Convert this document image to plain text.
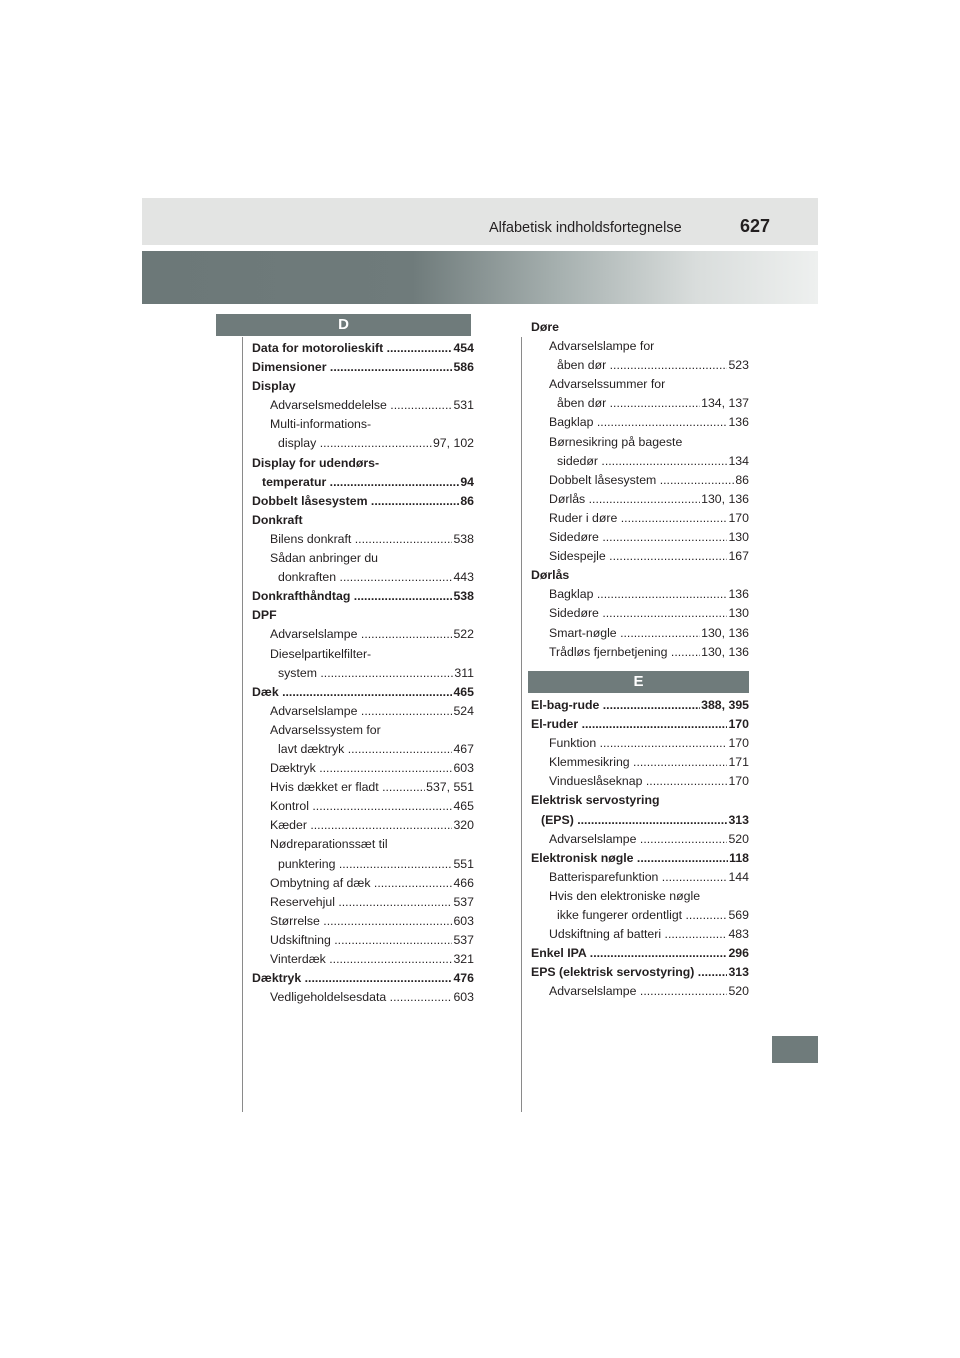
Alfabetisk indholdsfortegnelse	627
D
E
Data for motorolieskift .....	454
Dimensioner .....	586
Display
Advarselsmeddelelse .....	531
Multi-informations-
display .....	97, 102
Display for udendørs-
temperatur .....	94
Dobbelt låsesystem .....	86
Donkraft
Bilens donkraft .....	538
Sådan anbringer du
donkraften .....	443
Donkrafthåndtag .....	538
DPF
Advarselslampe .....	522
Dieselpartikelfilter-
system .....	311
Dæk .....	465
Advarselslampe .....	524
Advarselssystem for
lavt dæktryk .....	467
Dæktryk .....	603
Hvis dækket er fladt .....	537, 551
Kontrol .....	465
Kæder .....	320
Nødreparationssæt til
punktering .....	551
Ombytning af dæk .....	466
Reservehjul .....	537
Størrelse .....	603
Udskiftning .....	537
Vinterdæk .....	321
Dæktryk .....	476
Vedligeholdelsesdata .....	603
Døre
Advarselslampe for
åben dør .....	523
Advarselssummer for
åben dør .....	134, 137
Bagklap .....	136
Børnesikring på bageste
sidedør .....	134
Dobbelt låsesystem .....	86
Dørlås .....	130, 136
Ruder i døre .....	170
Sidedøre .....	130
Sidespejle .....	167
Dørlås
Bagklap .....	136
Sidedøre .....	130
Smart-nøgle .....	130, 136
Trådløs fjernbetjening .....	130, 136
El-bag-rude .....	388, 395
El-ruder .....	170
Funktion .....	170
Klemmesikring .....	171
Vindueslåseknap .....	170
Elektrisk servostyring
(EPS) .....	313
Advarselslampe .....	520
Elektronisk nøgle .....	118
Batterisparefunktion .....	144
Hvis den elektroniske nøgle
ikke fungerer ordentligt .....	569
Udskiftning af batteri .....	483
Enkel IPA .....	296
EPS (elektrisk servostyring) .....	313
Advarselslampe .....	520
